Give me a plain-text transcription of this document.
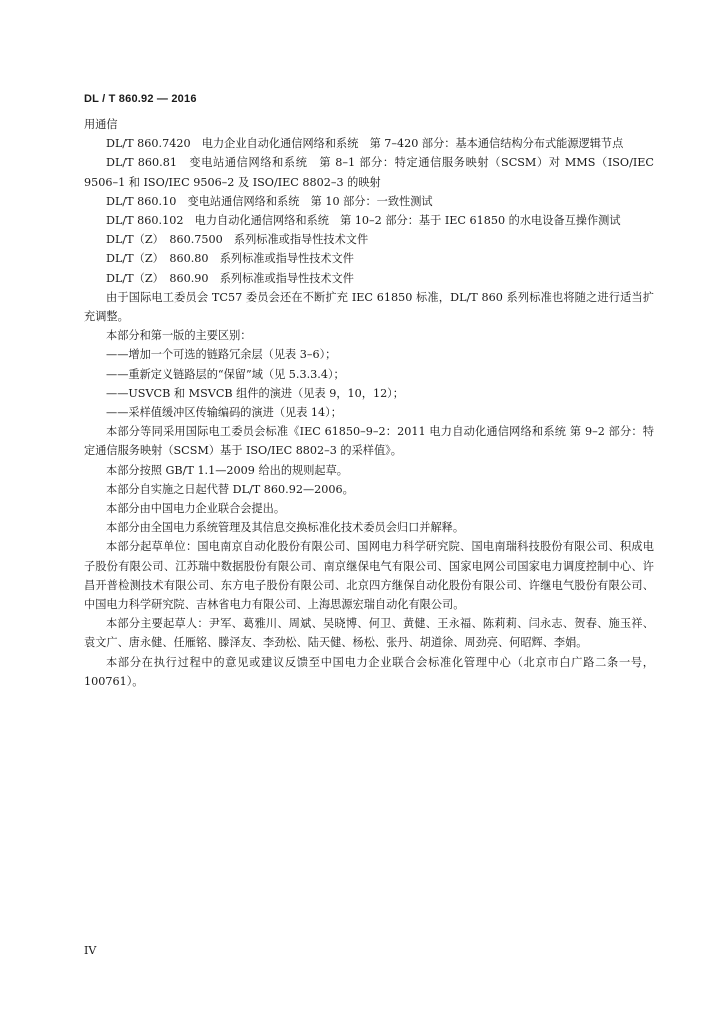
DL / T 860.92 — 2016

用通信

DL/T 860.7420　电力企业自动化通信网络和系统　第 7–420 部分：基本通信结构分布式能源逻辑节点

DL/T 860.81　变电站通信网络和系统　第 8–1 部分：特定通信服务映射（SCSM）对 MMS（ISO/IEC 9506–1 和 ISO/IEC 9506–2 及 ISO/IEC 8802–3 的映射

DL/T 860.10　变电站通信网络和系统　第 10 部分：一致性测试

DL/T 860.102　电力自动化通信网络和系统　第 10–2 部分：基于 IEC 61850 的水电设备互操作测试

DL/T（Z）　860.7500　系列标准或指导性技术文件

DL/T（Z）　860.80　系列标准或指导性技术文件

DL/T（Z）　860.90　系列标准或指导性技术文件

由于国际电工委员会 TC57 委员会还在不断扩充 IEC 61850 标准，DL/T 860 系列标准也将随之进行适当扩充调整。

本部分和第一版的主要区别：

——增加一个可选的链路冗余层（见表 3–6）；

——重新定义链路层的“保留”域（见 5.3.3.4）；

——USVCB 和 MSVCB 组件的演进（见表 9，10，12）；

——采样值缓冲区传输编码的演进（见表 14）；

本部分等同采用国际电工委员会标准《IEC 61850–9–2：2011 电力自动化通信网络和系统 第 9–2 部分：特定通信服务映射（SCSM）基于 ISO/IEC 8802–3 的采样值》。

本部分按照 GB/T 1.1—2009 给出的规则起草。

本部分自实施之日起代替 DL/T 860.92—2006。

本部分由中国电力企业联合会提出。

本部分由全国电力系统管理及其信息交换标准化技术委员会归口并解释。

本部分起草单位：国电南京自动化股份有限公司、国网电力科学研究院、国电南瑞科技股份有限公司、积成电子股份有限公司、江苏瑞中数据股份有限公司、南京继保电气有限公司、国家电网公司国家电力调度控制中心、许昌开普检测技术有限公司、东方电子股份有限公司、北京四方继保自动化股份有限公司、许继电气股份有限公司、中国电力科学研究院、吉林省电力有限公司、上海思源宏瑞自动化有限公司。

本部分主要起草人：尹军、葛雅川、周斌、吴晓博、何卫、黄健、王永福、陈莉莉、闫永志、贺春、施玉祥、袁文广、唐永健、任雁铭、滕泽友、李劲松、陆天健、杨松、张丹、胡道徐、周劲亮、何昭辉、李娟。

本部分在执行过程中的意见或建议反馈至中国电力企业联合会标准化管理中心（北京市白广路二条一号，100761）。

IV
